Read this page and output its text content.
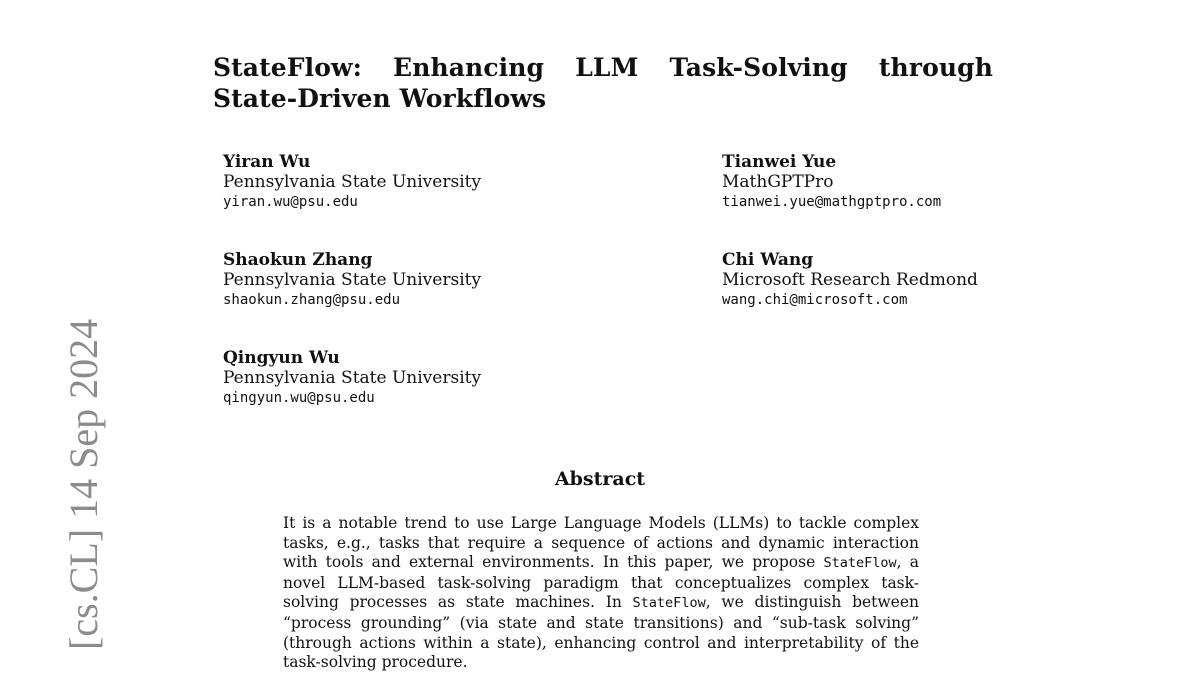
[cs.CL] 14 Sep 2024
StateFlow: Enhancing LLM Task-Solving through State-Driven Workflows
Yiran Wu
Pennsylvania State University
yiran.wu@psu.edu
Shaokun Zhang
Pennsylvania State University
shaokun.zhang@psu.edu
Qingyun Wu
Pennsylvania State University
qingyun.wu@psu.edu
Tianwei Yue
MathGPTPro
tianwei.yue@mathgptpro.com
Chi Wang
Microsoft Research Redmond
wang.chi@microsoft.com
Abstract
It is a notable trend to use Large Language Models (LLMs) to tackle complex tasks, e.g., tasks that require a sequence of actions and dynamic interaction with tools and external environments. In this paper, we propose StateFlow, a novel LLM-based task-solving paradigm that conceptualizes complex task-solving processes as state machines. In StateFlow, we distinguish between “process grounding” (via state and state transitions) and “sub-task solving” (through actions within a state), enhancing control and interpretability of the task-solving procedure.
